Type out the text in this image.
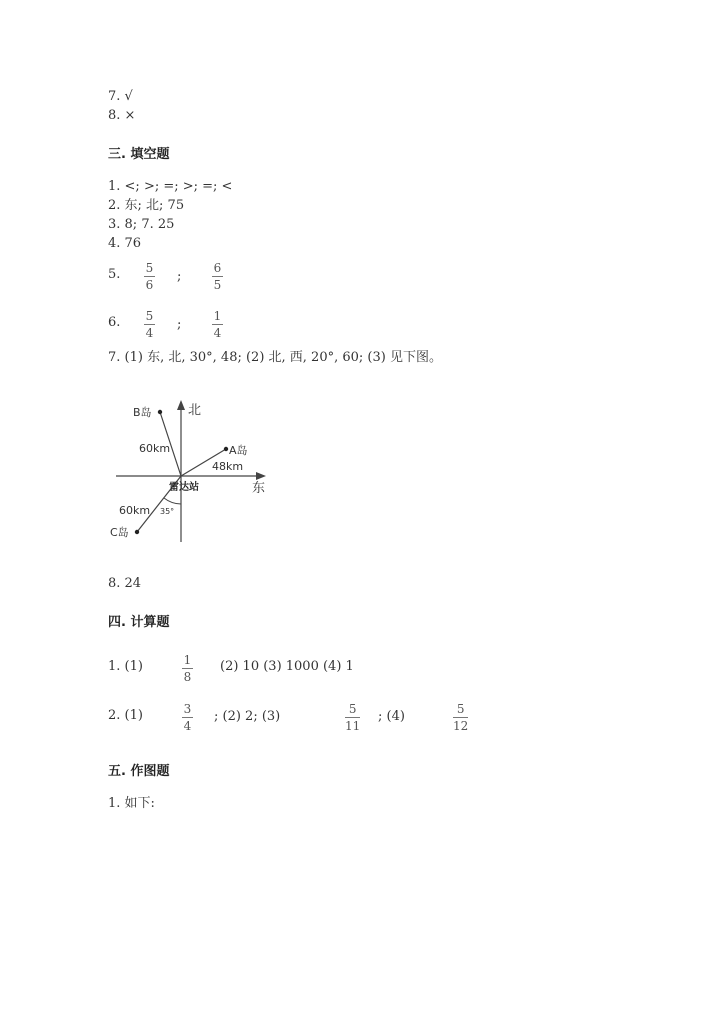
7. √
8. ×
三. 填空题
1. <; >; =; >; =; <
2. 东; 北; 75
3. 8; 7. 25
4. 76
5. 5
6
;
6
5
6. 5
4
;
1
4
7. (1) 东, 北, 30°, 48; (2) 北, 西, 20°, 60; (3) 见下图。
北
东
雷达站
B岛
A岛
C岛
60km
48km
60km 35°
8. 24
四. 计算题
1. (1)	1
8
(2) 10 (3) 1000 (4) 1
2. (1)	3
4
; (2) 2; (3)	5
11
; (4)	5
12
五. 作图题
1. 如下:
